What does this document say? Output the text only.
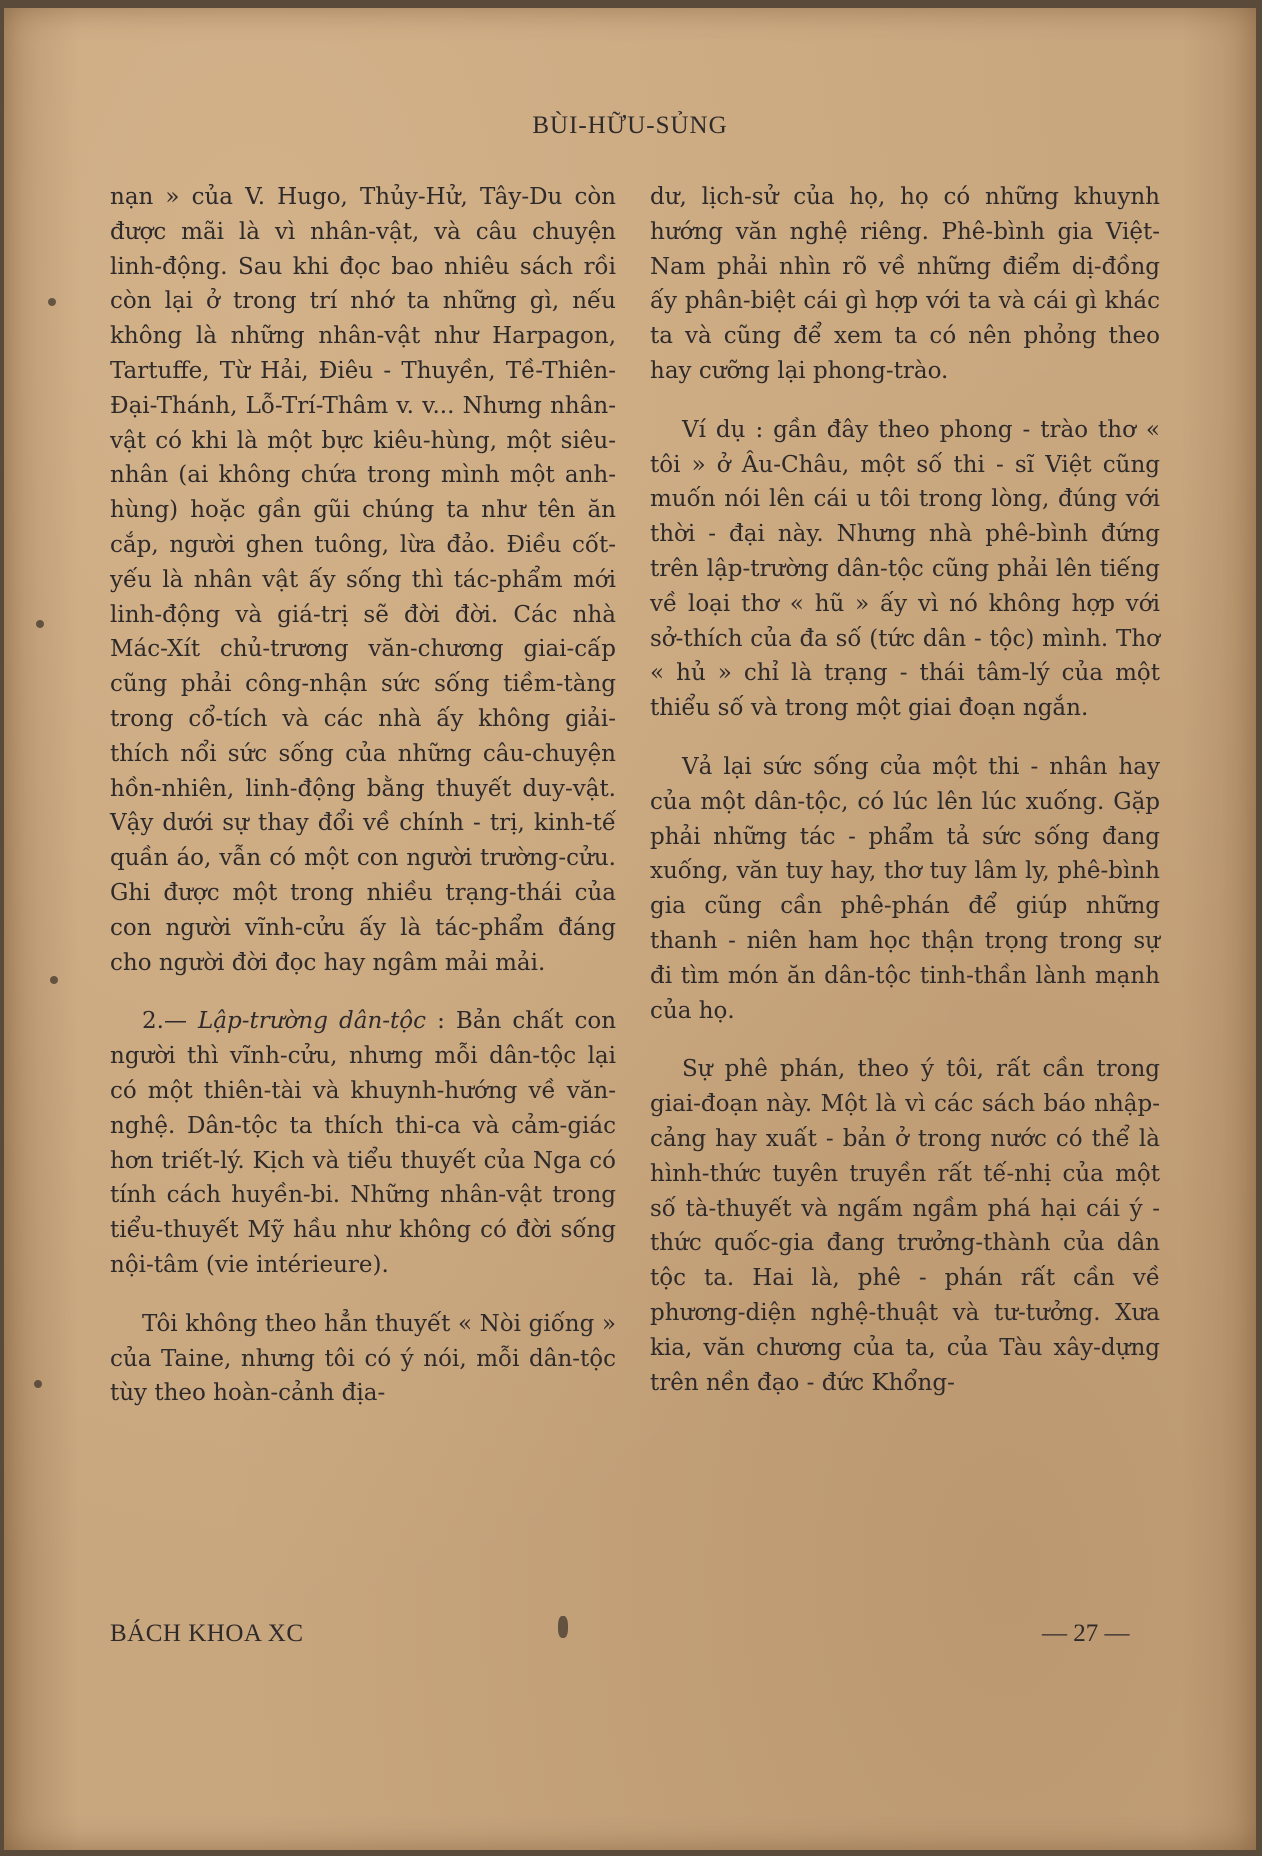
BÙI-HỮU-SỦNG

nạn » của V. Hugo, Thủy-Hử, Tây-Du còn được mãi là vì nhân-vật, và câu chuyện linh-động. Sau khi đọc bao nhiêu sách rồi còn lại ở trong trí nhớ ta những gì, nếu không là những nhân-vật như Harpagon, Tartuffe, Từ Hải, Điêu - Thuyền, Tề-Thiên-Đại-Thánh, Lỗ-Trí-Thâm v. v... Nhưng nhân-vật có khi là một bực kiêu-hùng, một siêu-nhân (ai không chứa trong mình một anh-hùng) hoặc gần gũi chúng ta như tên ăn cắp, người ghen tuông, lừa đảo. Điều cốt-yếu là nhân vật ấy sống thì tác-phẩm mới linh-động và giá-trị sẽ đời đời. Các nhà Mác-Xít chủ-trương văn-chương giai-cấp cũng phải công-nhận sức sống tiềm-tàng trong cổ-tích và các nhà ấy không giải-thích nổi sức sống của những câu-chuyện hồn-nhiên, linh-động bằng thuyết duy-vật. Vậy dưới sự thay đổi về chính - trị, kinh-tế quần áo, vẫn có một con người trường-cửu. Ghi được một trong nhiều trạng-thái của con người vĩnh-cửu ấy là tác-phẩm đáng cho người đời đọc hay ngâm mải mải.

2.— Lập-trường dân-tộc : Bản chất con người thì vĩnh-cửu, nhưng mỗi dân-tộc lại có một thiên-tài và khuynh-hướng về văn-nghệ. Dân-tộc ta thích thi-ca và cảm-giác hơn triết-lý. Kịch và tiểu thuyết của Nga có tính cách huyền-bi. Những nhân-vật trong tiểu-thuyết Mỹ hầu như không có đời sống nội-tâm (vie intérieure).

Tôi không theo hẳn thuyết « Nòi giống » của Taine, nhưng tôi có ý nói, mỗi dân-tộc tùy theo hoàn-cảnh địa-

dư, lịch-sử của họ, họ có những khuynh hướng văn nghệ riêng. Phê-bình gia Việt-Nam phải nhìn rõ về những điểm dị-đồng ấy phân-biệt cái gì hợp với ta và cái gì khác ta và cũng để xem ta có nên phỏng theo hay cưỡng lại phong-trào.

Ví dụ : gần đây theo phong - trào thơ « tôi » ở Âu-Châu, một số thi - sĩ Việt cũng muốn nói lên cái u tôi trong lòng, đúng với thời - đại này. Nhưng nhà phê-bình đứng trên lập-trường dân-tộc cũng phải lên tiếng về loại thơ « hũ » ấy vì nó không hợp với sở-thích của đa số (tức dân - tộc) mình. Thơ « hủ » chỉ là trạng - thái tâm-lý của một thiểu số và trong một giai đoạn ngắn.

Vả lại sức sống của một thi - nhân hay của một dân-tộc, có lúc lên lúc xuống. Gặp phải những tác - phẩm tả sức sống đang xuống, văn tuy hay, thơ tuy lâm ly, phê-bình gia cũng cần phê-phán để giúp những thanh - niên ham học thận trọng trong sự đi tìm món ăn dân-tộc tinh-thần lành mạnh của họ.

Sự phê phán, theo ý tôi, rất cần trong giai-đoạn này. Một là vì các sách báo nhập-cảng hay xuất - bản ở trong nước có thể là hình-thức tuyên truyền rất tế-nhị của một số tà-thuyết và ngấm ngầm phá hại cái ý - thức quốc-gia đang trưởng-thành của dân tộc ta. Hai là, phê - phán rất cần về phương-diện nghệ-thuật và tư-tưởng. Xưa kia, văn chương của ta, của Tàu xây-dựng trên nền đạo - đức Khổng-

BÁCH KHOA XC	— 27 —
